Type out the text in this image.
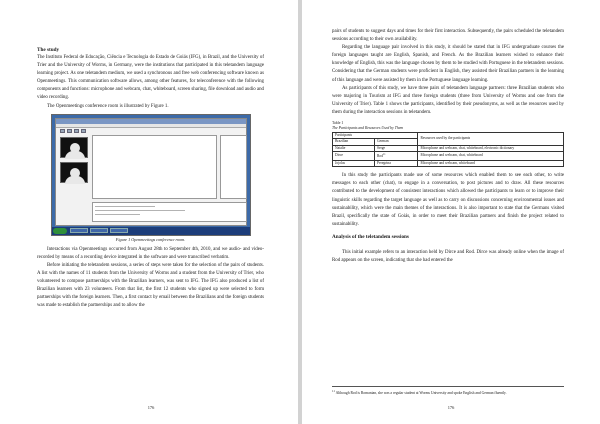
The study

The Instituto Federal de Educação, Ciência e Tecnologia do Estado de Goiás (IFG), in Brazil, and the University of Trier and the University of Worms, in Germany, were the institutions that participated in this teletandem language learning project. As one teletandem medium, we used a synchronous and free web conferencing software known as Openmeetings. This communication software allows, among other features, for teleconference with the following components and functions: microphone and webcam, chat, whiteboard, screen sharing, file download and audio and video recording.

The Openmeetings conference room is illustrated by Figure 1.

Figure 1 Openmeetings conference room.

Interactions via Openmeetings occurred from August 28th to September 4th, 2010, and we audio- and video-recorded by means of a recording device integrated in the software and were transcribed verbatim.

Before initiating the teletandem sessions, a series of steps were taken for the selection of the pairs of students. A list with the names of 11 students from the University of Worms and a student from the University of Trier, who volunteered to compose partnerships with the Brazilian learners, was sent to IFG. The IFG also produced a list of Brazilian learners with 23 volunteers. From that list, the first 12 students who signed up were selected to form partnerships with the foreign learners. Then, a first contact by email between the Brazilians and the foreign students was made to establish the partnerships and to allow the

176

pairs of students to suggest days and times for their first interaction. Subsequently, the pairs scheduled the teletandem sessions according to their own availability.

Regarding the language pair involved in this study, it should be stated that in IFG undergraduate courses the foreign languages taught are English, Spanish, and French. As the Brazilian learners wished to enhance their knowledge of English, this was the language chosen by them to be studied with Portuguese in the teletandem sessions. Considering that the German students were proficient in English, they assisted their Brazilian partners in the learning of this language and were assisted by them in the Portuguese language learning.

As participants of this study, we have three pairs of teletandem language partners: three Brazilian students who were majoring in Tourism at IFG and three foreign students (three from University of Worms and one from the University of Trier). Table 1 shows the participants, identified by their pseudonyms, as well as the resources used by them during the interaction sessions in teletandem.

Table 1
The Participants and Resources Used by Them
Participants		Resources used by the participants
Brazilian	German	
Natalie	Serge	Microphone and webcam, chat, whiteboard, electronic dictionary
Dirce	Rod$^{11}$	Microphone and webcam, chat, whiteboard
Jojolas	Peregrina	Microphone and webcam, whiteboard

In this study the participants made use of some resources which enabled them to see each other, to write messages to each other (chat), to engage in a conversation, to post pictures and to draw. All these resources contributed to the development of consistent interactions which allowed the participants to learn or to improve their linguistic skills regarding the target language as well as to carry on discussions concerning environmental issues and sustainability, which were the main themes of the interactions. It is also important to state that the Germans visited Brazil, specifically the state of Goiás, in order to meet their Brazilian partners and finish the project related to sustainability.

Analysis of the teletandem sessions

This initial example refers to an interaction held by Dirce and Rod. Dirce was already online when the image of Rod appears on the screen, indicating that she had entered the

$^{11}$ Although Rod is Romanian, she was a regular student at Worms University and spoke English and German fluently.
176
